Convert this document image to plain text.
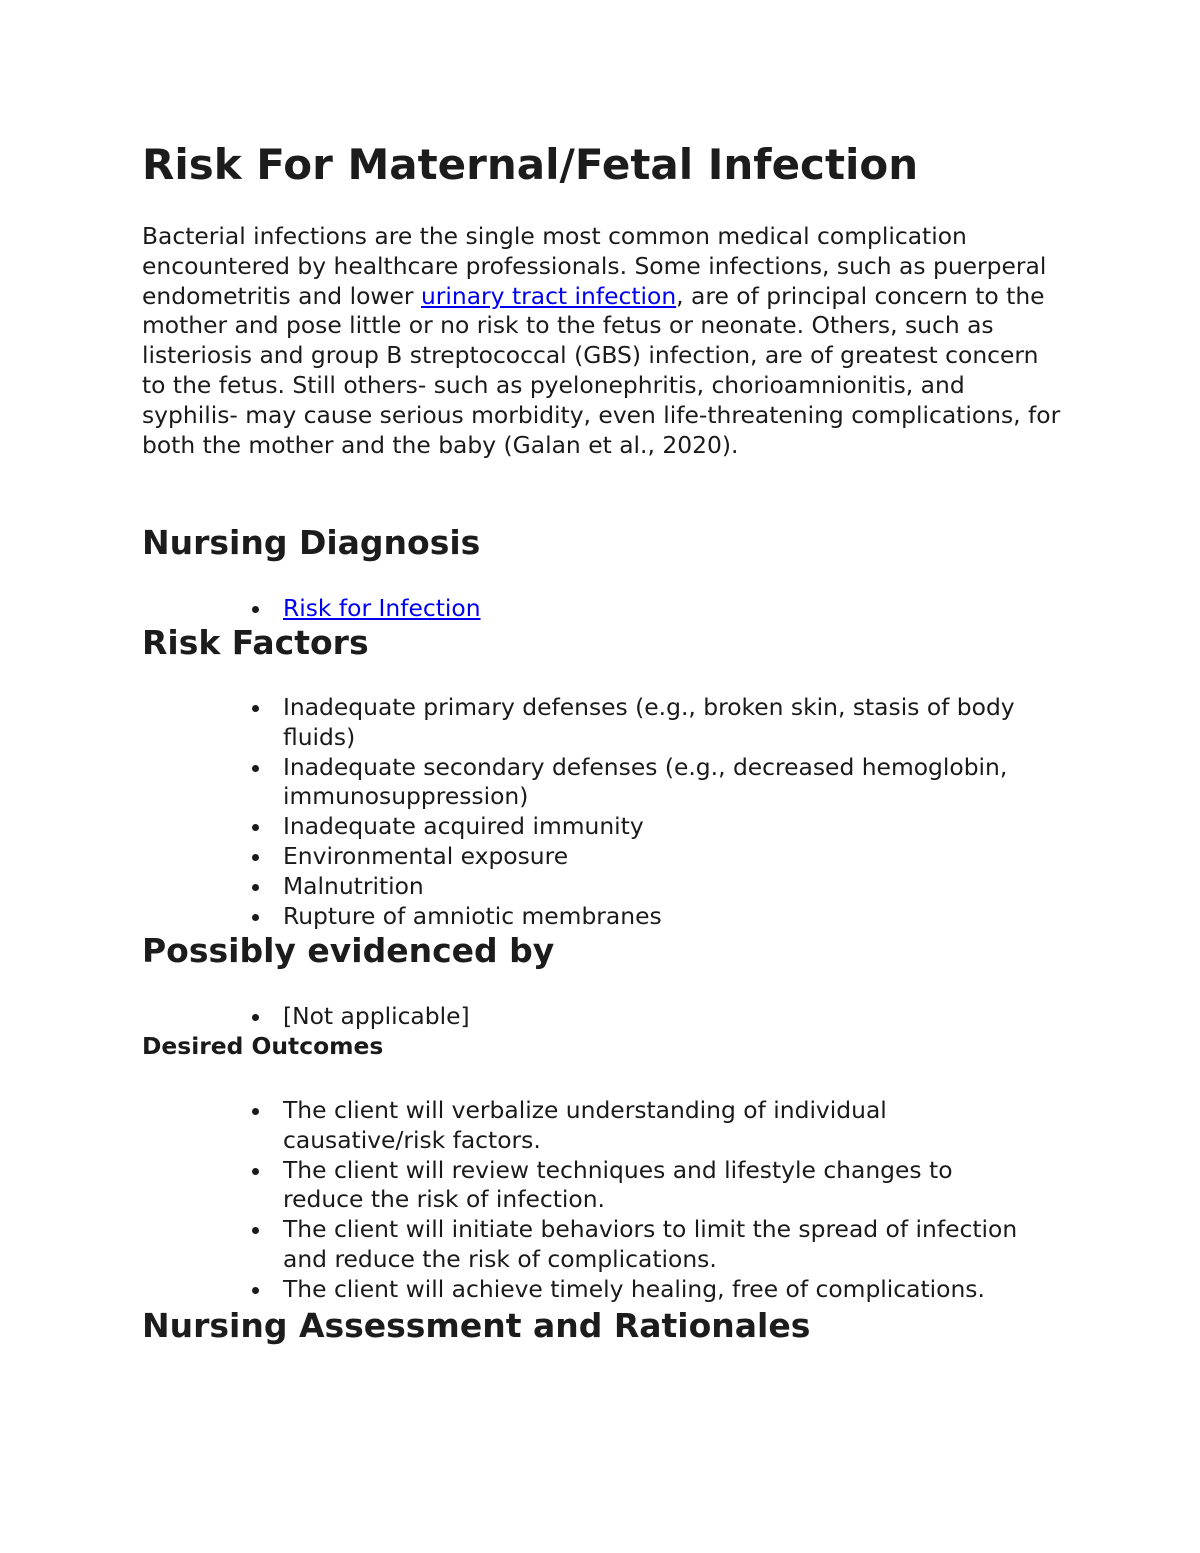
Risk For Maternal/Fetal Infection

Bacterial infections are the single most common medical complication encountered by healthcare professionals. Some infections, such as puerperal endometritis and lower urinary tract infection, are of principal concern to the mother and pose little or no risk to the fetus or neonate. Others, such as listeriosis and group B streptococcal (GBS) infection, are of greatest concern to the fetus. Still others- such as pyelonephritis, chorioamnionitis, and syphilis- may cause serious morbidity, even life-threatening complications, for both the mother and the baby (Galan et al., 2020).

Nursing Diagnosis
Risk for Infection
Risk Factors
Inadequate primary defenses (e.g., broken skin, stasis of body fluids)
Inadequate secondary defenses (e.g., decreased hemoglobin, immunosuppression)
Inadequate acquired immunity
Environmental exposure
Malnutrition
Rupture of amniotic membranes
Possibly evidenced by
[Not applicable]
Desired Outcomes
The client will verbalize understanding of individual causative/risk factors.
The client will review techniques and lifestyle changes to reduce the risk of infection.
The client will initiate behaviors to limit the spread of infection and reduce the risk of complications.
The client will achieve timely healing, free of complications.
Nursing Assessment and Rationales
